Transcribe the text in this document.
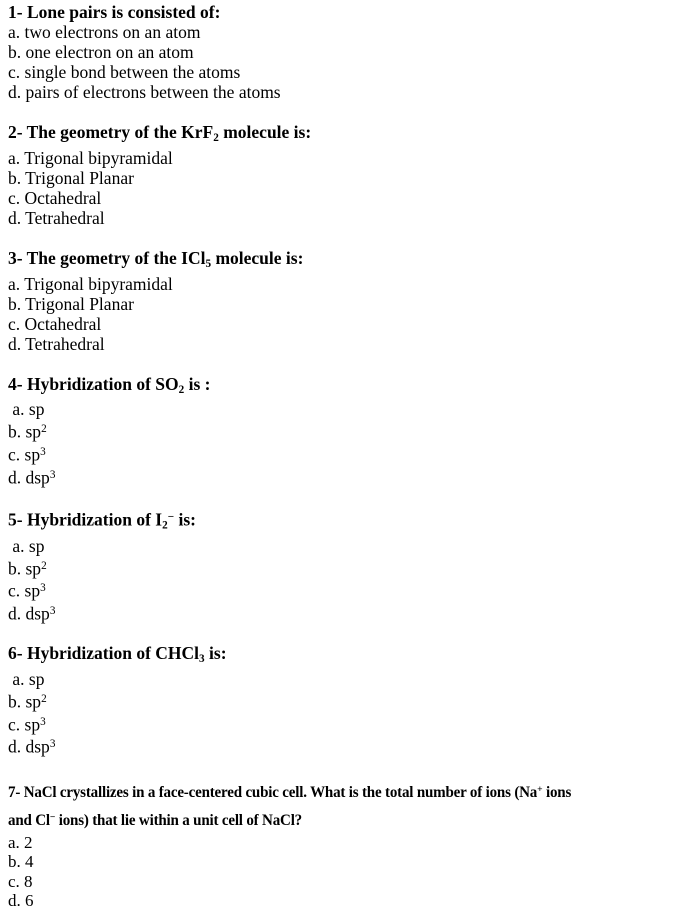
1- Lone pairs is consisted of:
a. two electrons on an atom
b. one electron on an atom
c. single bond between the atoms
d. pairs of electrons between the atoms
2- The geometry of the KrF$_2$ molecule is:
a. Trigonal bipyramidal
b. Trigonal Planar
c. Octahedral
d. Tetrahedral
3- The geometry of the ICl$_5$ molecule is:
a. Trigonal bipyramidal
b. Trigonal Planar
c. Octahedral
d. Tetrahedral
4- Hybridization of $SO_2$ is :
a. sp
b. $sp^2$
c. $sp^3$
d. dsp$^3$
5- Hybridization of $I_2^-$ is:
a. sp
b. $sp^2$
c. $sp^3$
d. dsp$^3$
6- Hybridization of CHCl$_3$ is:
a. sp
b. $sp^2$
c. $sp^3$
d. dsp$^3$
7- NaCl crystallizes in a face-centered cubic cell. What is the total number of ions (Na+ ions
and Cl− ions) that lie within a unit cell of NaCl?
a. 2
b. 4
c. 8
d. 6
